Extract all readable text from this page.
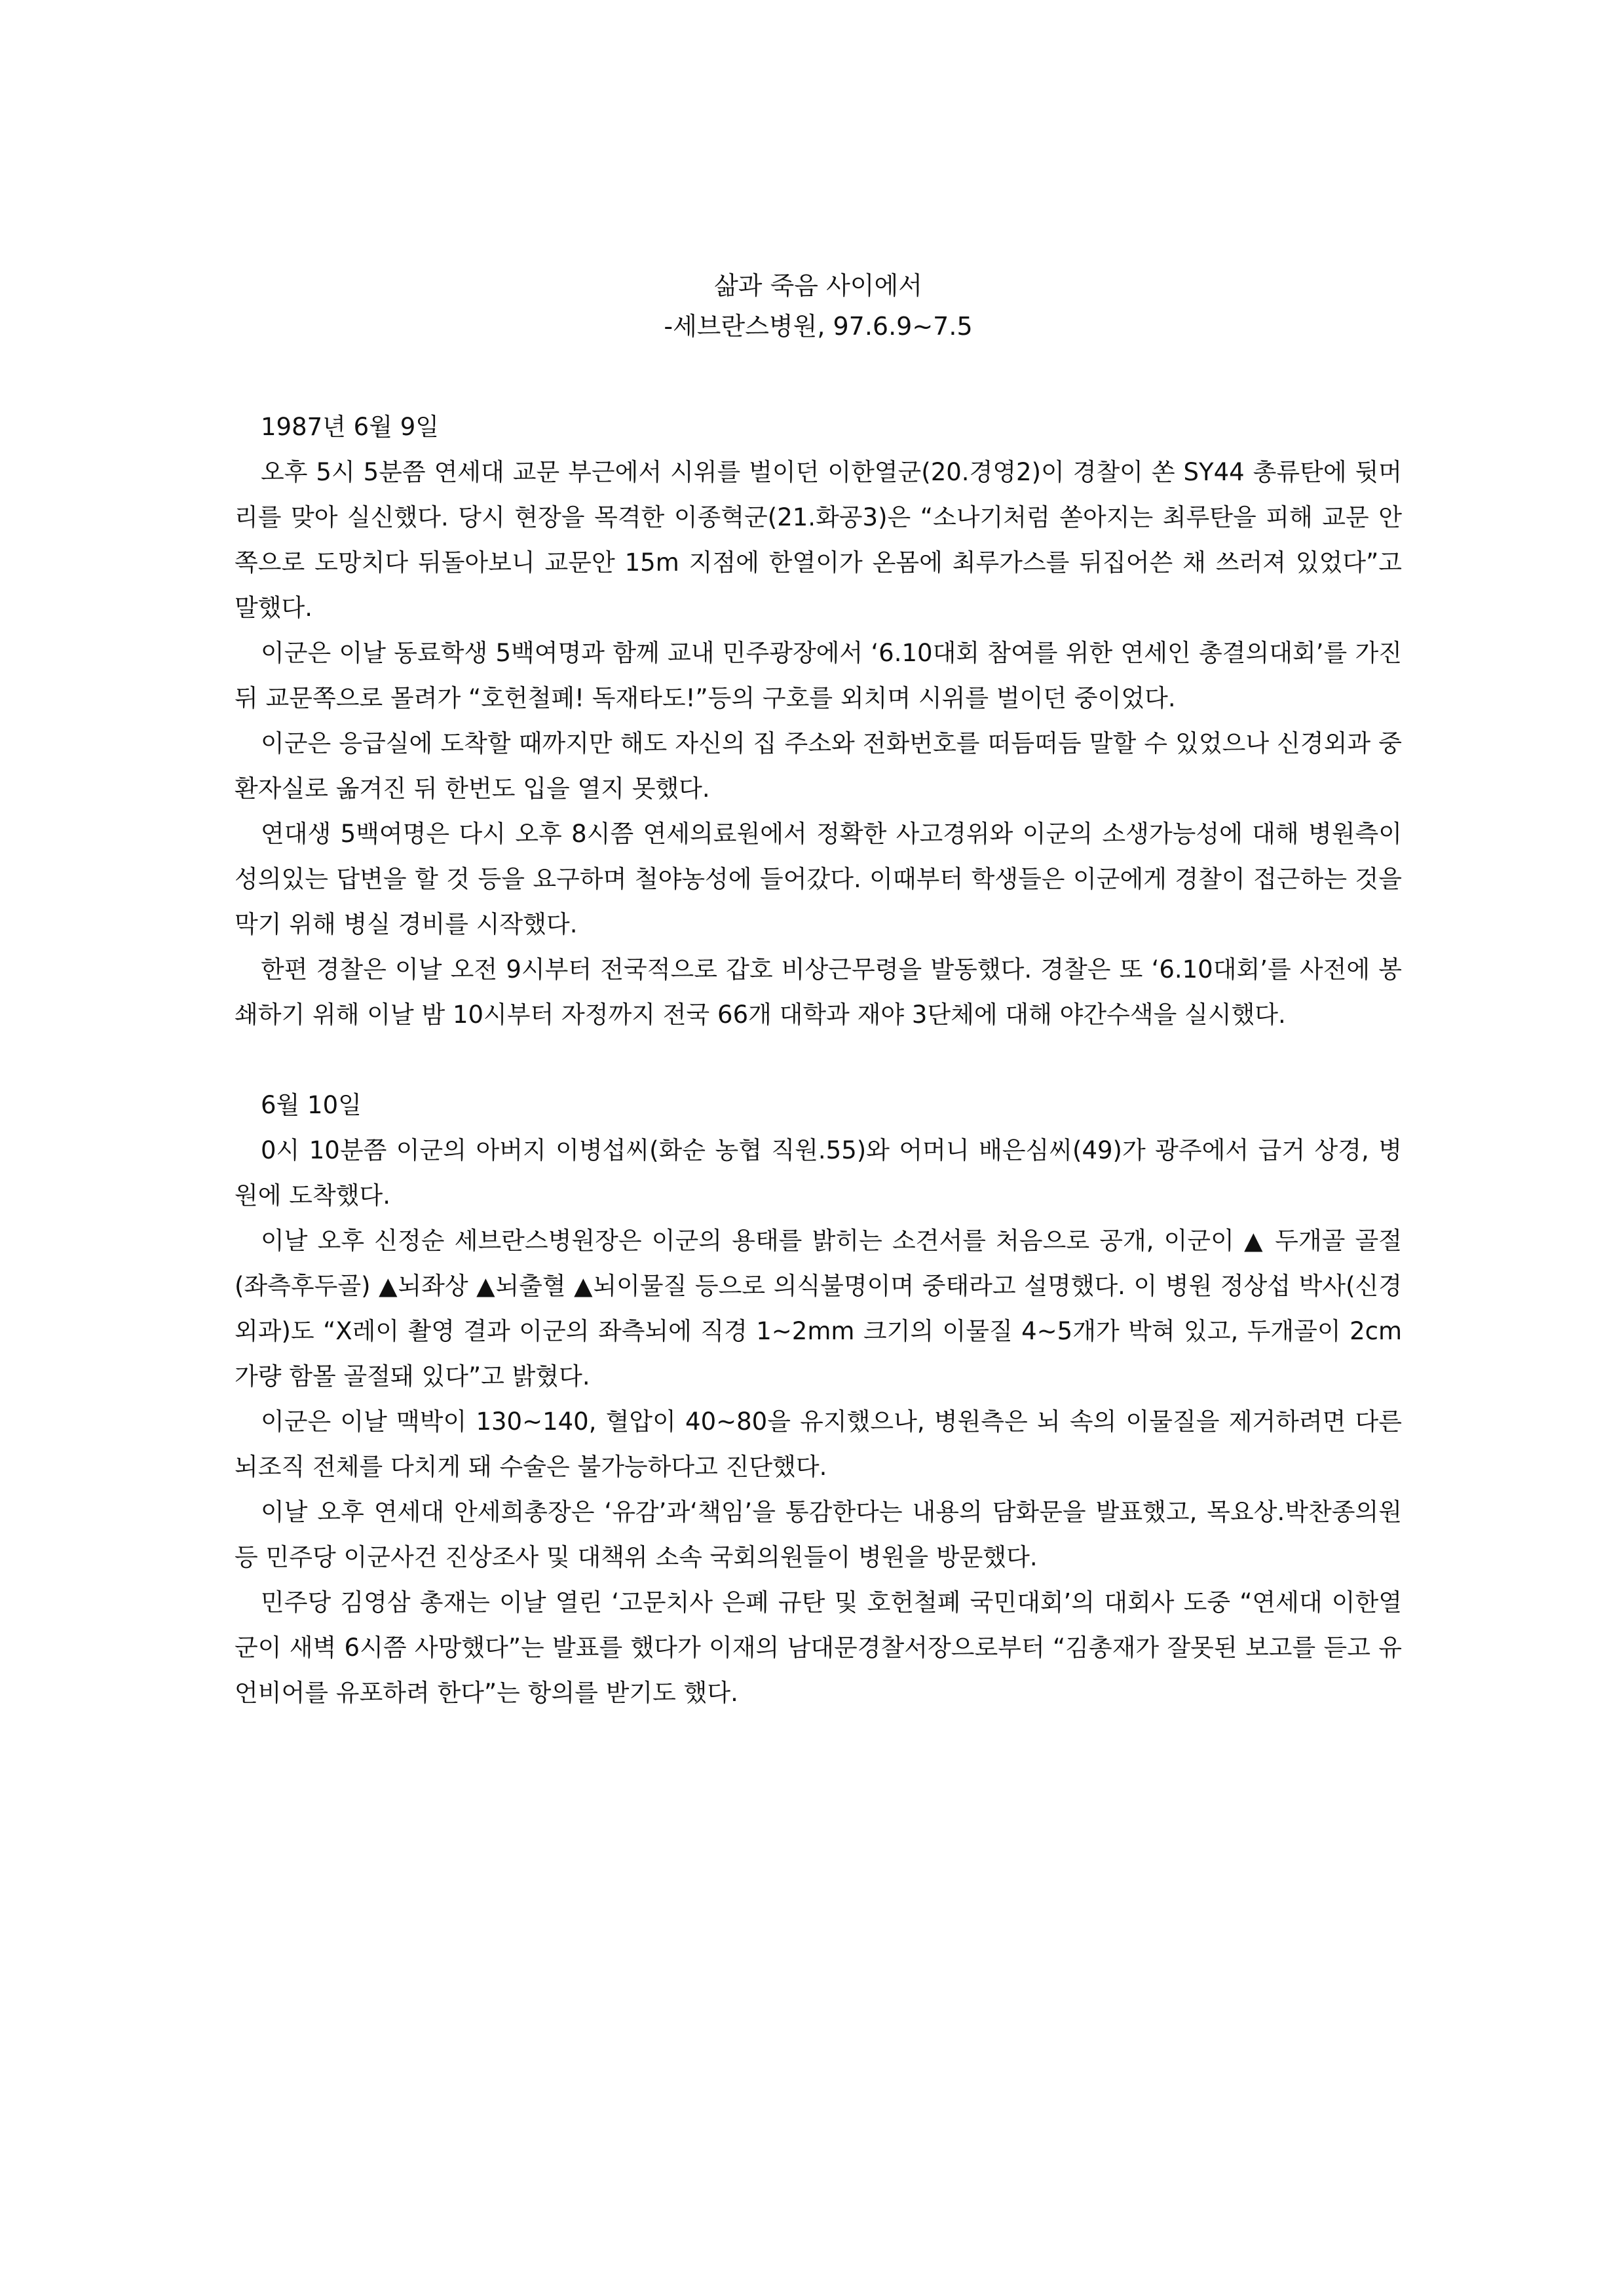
삶과 죽음 사이에서

-세브란스병원, 97.6.9~7.5

1987년 6월 9일

오후 5시 5분쯤 연세대 교문 부근에서 시위를 벌이던 이한열군(20.경영2)이 경찰이 쏜 SY44 총류탄에 뒷머리를 맞아 실신했다. 당시 현장을 목격한 이종혁군(21.화공3)은 “소나기처럼 쏟아지는 최루탄을 피해 교문 안쪽으로 도망치다 뒤돌아보니 교문안 15m 지점에 한열이가 온몸에 최루가스를 뒤집어쓴 채 쓰러져 있었다”고 말했다.

이군은 이날 동료학생 5백여명과 함께 교내 민주광장에서 ‘6.10대회 참여를 위한 연세인 총결의대회’를 가진 뒤 교문쪽으로 몰려가 “호헌철폐! 독재타도!”등의 구호를 외치며 시위를 벌이던 중이었다.

이군은 응급실에 도착할 때까지만 해도 자신의 집 주소와 전화번호를 떠듬떠듬 말할 수 있었으나 신경외과 중환자실로 옮겨진 뒤 한번도 입을 열지 못했다.

연대생 5백여명은 다시 오후 8시쯤 연세의료원에서 정확한 사고경위와 이군의 소생가능성에 대해 병원측이 성의있는 답변을 할 것 등을 요구하며 철야농성에 들어갔다. 이때부터 학생들은 이군에게 경찰이 접근하는 것을 막기 위해 병실 경비를 시작했다.

한편 경찰은 이날 오전 9시부터 전국적으로 갑호 비상근무령을 발동했다. 경찰은 또 ‘6.10대회’를 사전에 봉쇄하기 위해 이날 밤 10시부터 자정까지 전국 66개 대학과 재야 3단체에 대해 야간수색을 실시했다.

6월 10일

0시 10분쯤 이군의 아버지 이병섭씨(화순 농협 직원.55)와 어머니 배은심씨(49)가 광주에서 급거 상경, 병원에 도착했다.

이날 오후 신정순 세브란스병원장은 이군의 용태를 밝히는 소견서를 처음으로 공개, 이군이 ▲ 두개골 골절(좌측후두골) ▲뇌좌상 ▲뇌출혈 ▲뇌이물질 등으로 의식불명이며 중태라고 설명했다. 이 병원 정상섭 박사(신경외과)도 “X레이 촬영 결과 이군의 좌측뇌에 직경 1~2mm 크기의 이물질 4~5개가 박혀 있고, 두개골이 2cm 가량 함몰 골절돼 있다”고 밝혔다.

이군은 이날 맥박이 130~140, 혈압이 40~80을 유지했으나, 병원측은 뇌 속의 이물질을 제거하려면 다른 뇌조직 전체를 다치게 돼 수술은 불가능하다고 진단했다.

이날 오후 연세대 안세희총장은 ‘유감’과‘책임’을 통감한다는 내용의 담화문을 발표했고, 목요상.박찬종의원 등 민주당 이군사건 진상조사 및 대책위 소속 국회의원들이 병원을 방문했다.

민주당 김영삼 총재는 이날 열린 ‘고문치사 은폐 규탄 및 호헌철폐 국민대회’의 대회사 도중 “연세대 이한열군이 새벽 6시쯤 사망했다”는 발표를 했다가 이재의 남대문경찰서장으로부터 “김총재가 잘못된 보고를 듣고 유언비어를 유포하려 한다”는 항의를 받기도 했다.
